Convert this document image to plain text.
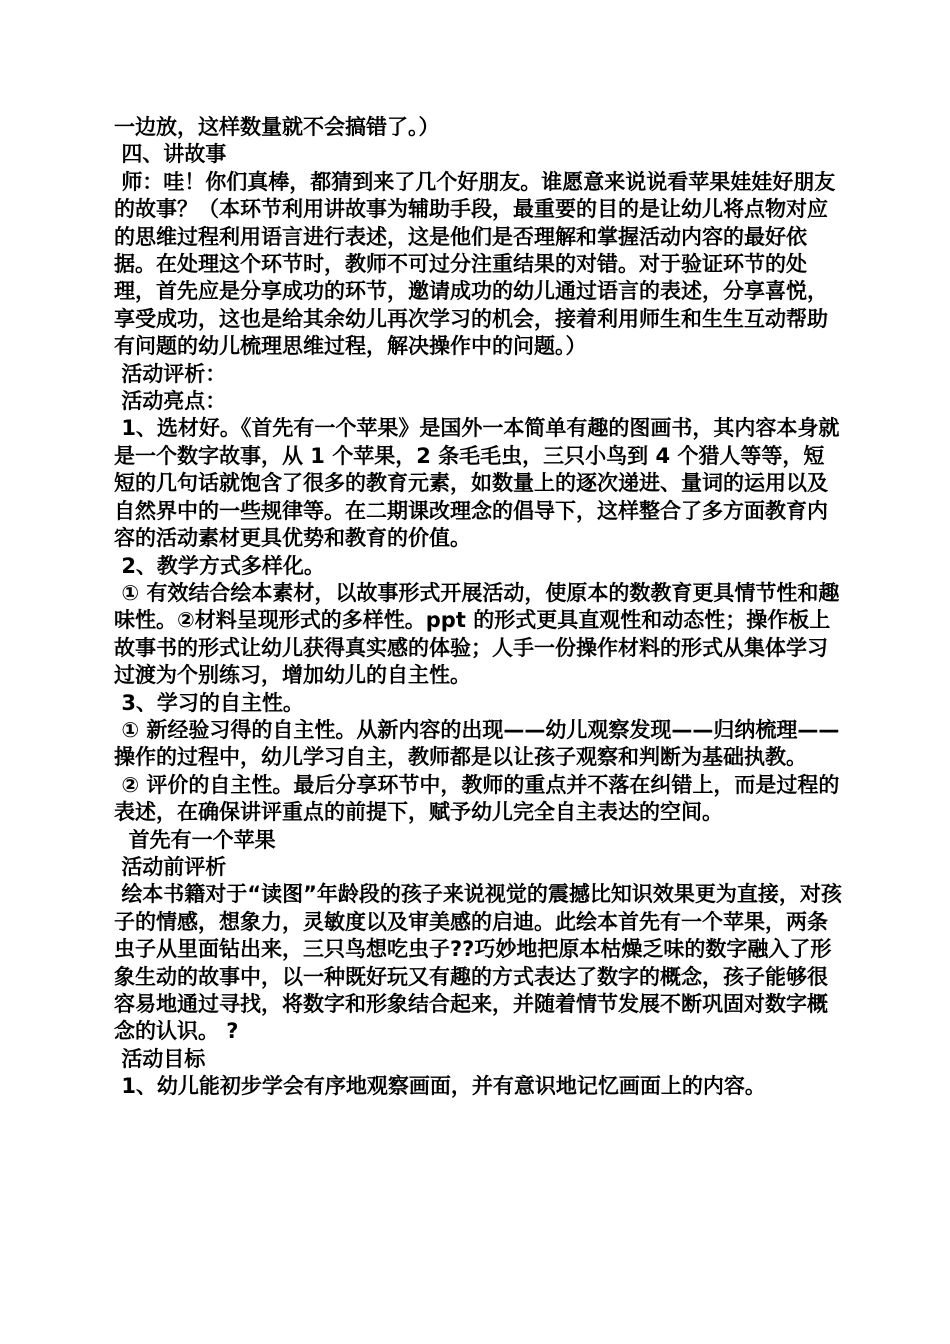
一边放，这样数量就不会搞错了。）

四、讲故事

师：哇！你们真棒，都猜到来了几个好朋友。谁愿意来说说看苹果娃娃好朋友的故事？（本环节利用讲故事为辅助手段，最重要的目的是让幼儿将点物对应的思维过程利用语言进行表述，这是他们是否理解和掌握活动内容的最好依据。在处理这个环节时，教师不可过分注重结果的对错。对于验证环节的处理，首先应是分享成功的环节，邀请成功的幼儿通过语言的表述，分享喜悦，享受成功，这也是给其余幼儿再次学习的机会，接着利用师生和生生互动帮助有问题的幼儿梳理思维过程，解决操作中的问题。）

活动评析：

活动亮点：

1、选材好。《首先有一个苹果》是国外一本简单有趣的图画书，其内容本身就是一个数字故事，从 1 个苹果，2 条毛毛虫，三只小鸟到 4 个猎人等等，短短的几句话就饱含了很多的教育元素，如数量上的逐次递进、量词的运用以及自然界中的一些规律等。在二期课改理念的倡导下，这样整合了多方面教育内容的活动素材更具优势和教育的价值。

2、教学方式多样化。

① 有效结合绘本素材，以故事形式开展活动，使原本的数教育更具情节性和趣味性。②材料呈现形式的多样性。ppt 的形式更具直观性和动态性；操作板上故事书的形式让幼儿获得真实感的体验；人手一份操作材料的形式从集体学习过渡为个别练习，增加幼儿的自主性。

3、学习的自主性。

① 新经验习得的自主性。从新内容的出现——幼儿观察发现——归纳梳理——操作的过程中，幼儿学习自主，教师都是以让孩子观察和判断为基础执教。

② 评价的自主性。最后分享环节中，教师的重点并不落在纠错上，而是过程的表述，在确保讲评重点的前提下，赋予幼儿完全自主表达的空间。

首先有一个苹果

活动前评析

绘本书籍对于“读图”年龄段的孩子来说视觉的震撼比知识效果更为直接，对孩子的情感，想象力，灵敏度以及审美感的启迪。此绘本首先有一个苹果，两条虫子从里面钻出来，三只鸟想吃虫子??巧妙地把原本枯燥乏味的数字融入了形象生动的故事中，以一种既好玩又有趣的方式表达了数字的概念，孩子能够很容易地通过寻找，将数字和形象结合起来，并随着情节发展不断巩固对数字概念的认识。 ?

活动目标

1、幼儿能初步学会有序地观察画面，并有意识地记忆画面上的内容。
